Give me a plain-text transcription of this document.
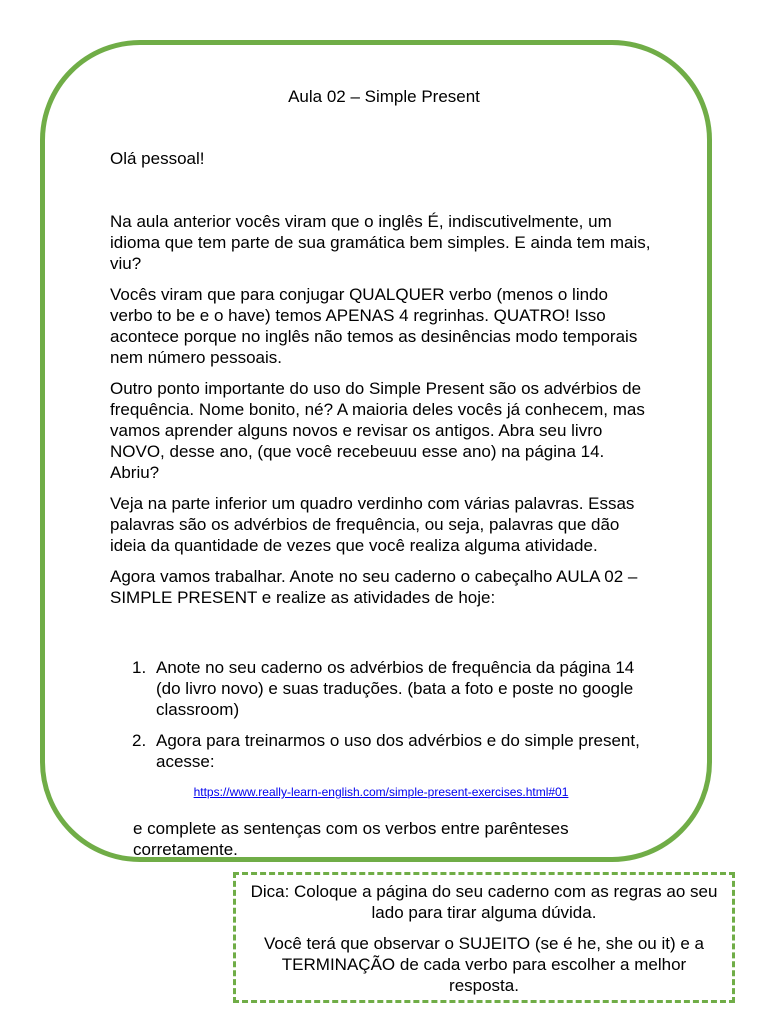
Aula 02 – Simple Present

Olá pessoal!

Na aula anterior vocês viram que o inglês É, indiscutivelmente, um idioma que tem parte de sua gramática bem simples. E ainda tem mais, viu?

Vocês viram que para conjugar QUALQUER verbo (menos o lindo verbo to be e o have) temos APENAS 4 regrinhas. QUATRO! Isso acontece porque no inglês não temos as desinências modo temporais nem número pessoais.

Outro ponto importante do uso do Simple Present são os advérbios de frequência. Nome bonito, né? A maioria deles vocês já conhecem, mas vamos aprender alguns novos e revisar os antigos. Abra seu livro NOVO, desse ano, (que você recebeuuu esse ano) na página 14. Abriu?

Veja na parte inferior um quadro verdinho com várias palavras. Essas palavras são os advérbios de frequência, ou seja, palavras que dão ideia da quantidade de vezes que você realiza alguma atividade.

Agora vamos trabalhar. Anote no seu caderno o cabeçalho AULA 02 – SIMPLE PRESENT e realize as atividades de hoje:

1. Anote no seu caderno os advérbios de frequência da página 14 (do livro novo) e suas traduções. (bata a foto e poste no google classroom)
2. Agora para treinarmos o uso dos advérbios e do simple present, acesse:
https://www.really-learn-english.com/simple-present-exercises.html#01

e complete as sentenças com os verbos entre parênteses corretamente.

Dica: Coloque a página do seu caderno com as regras ao seu lado para tirar alguma dúvida.

Você terá que observar o SUJEITO (se é he, she ou it) e a TERMINAÇÃO de cada verbo para escolher a melhor resposta.
